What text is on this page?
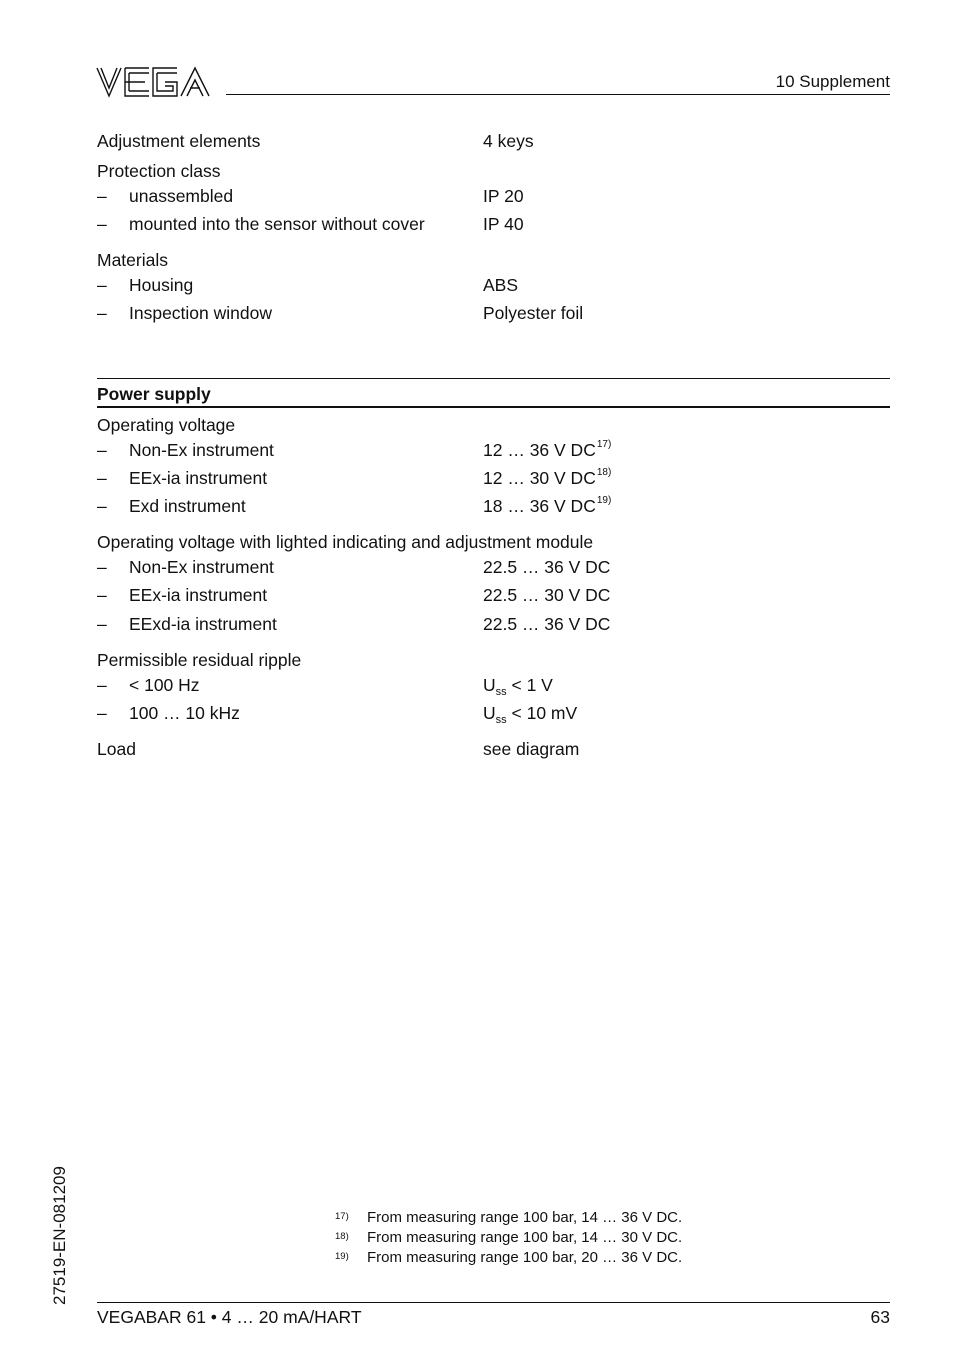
10 Supplement
Adjustment elements	4 keys
Protection class
– unassembled	IP 20
– mounted into the sensor without cover	IP 40
Materials
– Housing	ABS
– Inspection window	Polyester foil
Power supply
Operating voltage
– Non-Ex instrument	12 … 36 V DC$^{17)}$
– EEx-ia instrument	12 … 30 V DC$^{18)}$
– Exd instrument	18 … 36 V DC$^{19)}$
Operating voltage with lighted indicating and adjustment module
– Non-Ex instrument	22.5 … 36 V DC
– EEx-ia instrument	22.5 … 30 V DC
– EExd-ia instrument	22.5 … 36 V DC
Permissible residual ripple
– < 100 Hz	$U_{ss} < 1$ V
– 100 … 10 kHz	$U_{ss} < 10$ mV
Load	see diagram
27519-EN-081209	17) From measuring range 100 bar, 14 … 36 V DC.
18) From measuring range 100 bar, 14 … 30 V DC.
19) From measuring range 100 bar, 20 … 36 V DC.
VEGABAR 61 • 4 … 20 mA/HART	63
